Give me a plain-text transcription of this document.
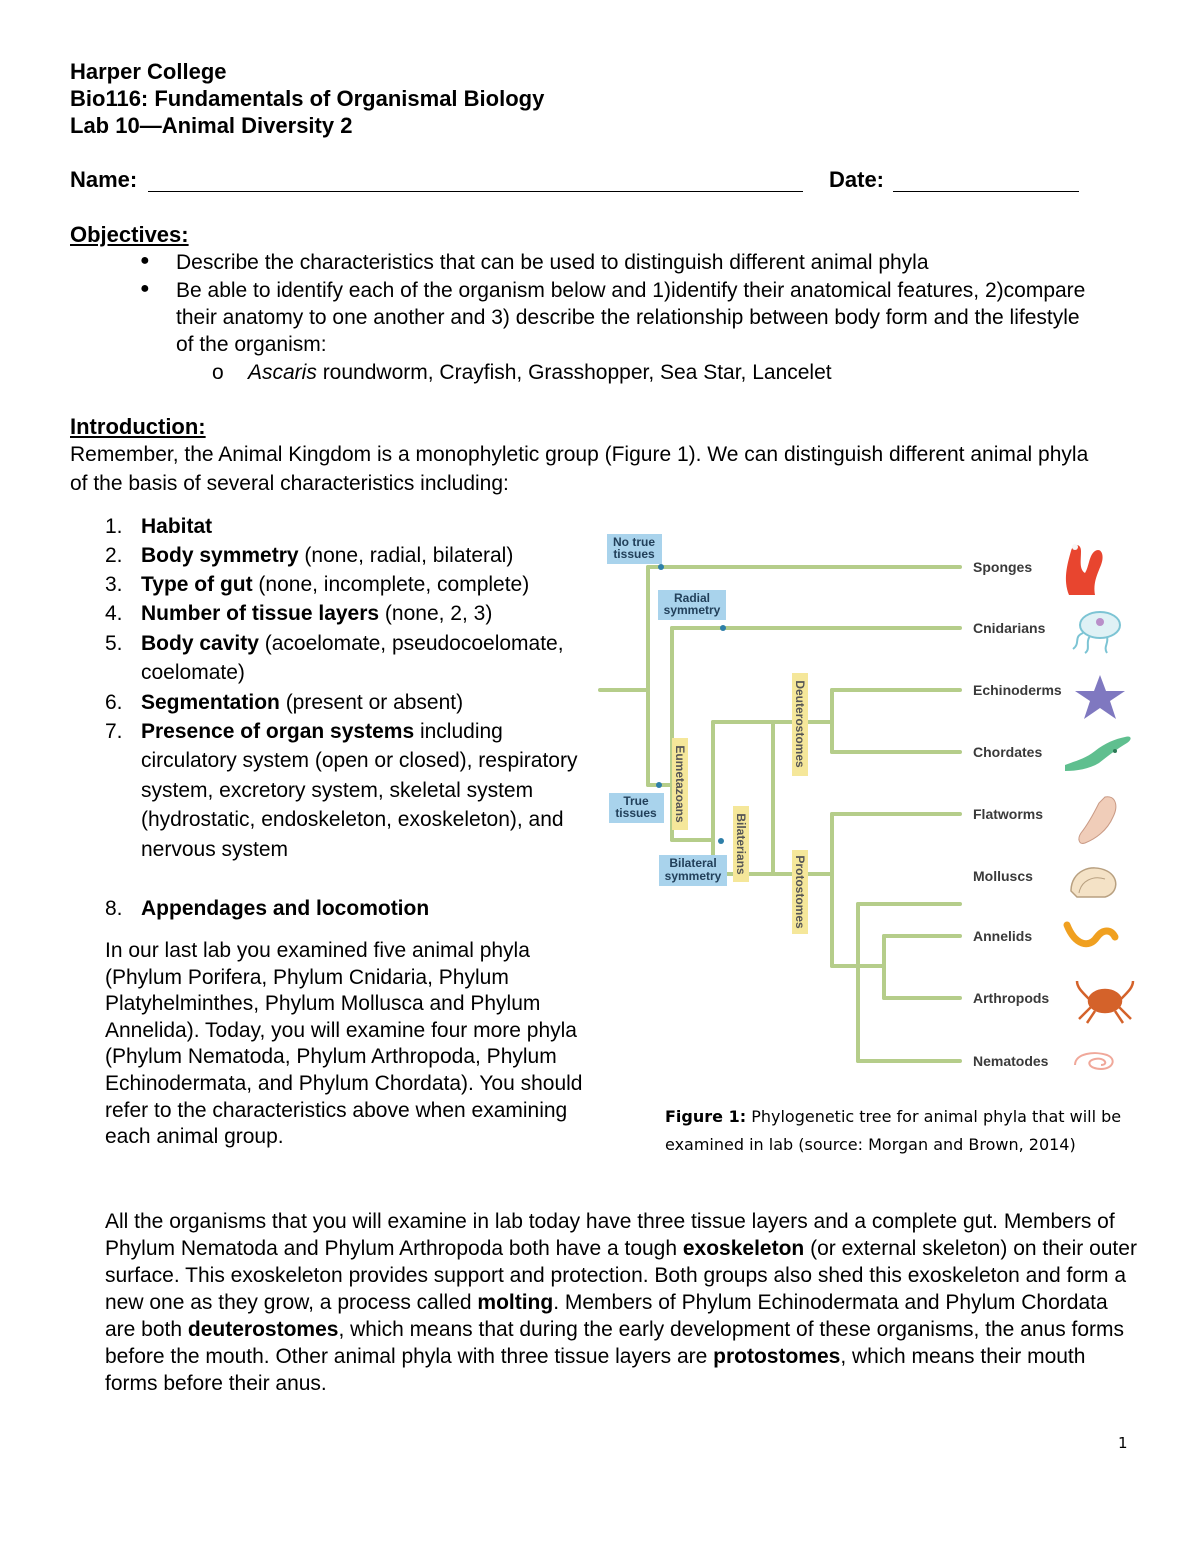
Harper College
Bio116: Fundamentals of Organismal Biology
Lab 10—Animal Diversity 2
Name:	Date:
Objectives:
● Describe the characteristics that can be used to distinguish different animal phyla
● Be able to identify each of the organism below and 1)identify their anatomical features, 2)compare their anatomy to one another and 3) describe the relationship between body form and the lifestyle of the organism:
o Ascaris roundworm, Crayfish, Grasshopper, Sea Star, Lancelet
Introduction:
Remember, the Animal Kingdom is a monophyletic group (Figure 1). We can distinguish different animal phyla of the basis of several characteristics including:
1. Habitat
2. Body symmetry (none, radial, bilateral)
3. Type of gut (none, incomplete, complete)
4. Number of tissue layers (none, 2, 3)
5. Body cavity (acoelomate, pseudocoelomate, coelomate)
6. Segmentation (present or absent)
7. Presence of organ systems including circulatory system (open or closed), respiratory system, excretory system, skeletal system (hydrostatic, endoskeleton, exoskeleton), and nervous system
8. Appendages and locomotion
In our last lab you examined five animal phyla (Phylum Porifera, Phylum Cnidaria, Phylum Platyhelminthes, Phylum Mollusca and Phylum Annelida). Today, you will examine four more phyla (Phylum Nematoda, Phylum Arthropoda, Phylum Echinodermata, and Phylum Chordata). You should refer to the characteristics above when examining each animal group.
No true
tissues
Radial
symmetry
True
tissues
Bilateral
symmetry
Eumetazoans
Bilaterians
Deuterostomes
Protostomes
Sponges
Cnidarians
Echinoderms
Chordates
Flatworms
Molluscs
Annelids
Arthropods
Nematodes
Figure 1: Phylogenetic tree for animal phyla that will be examined in lab (source: Morgan and Brown, 2014)
All the organisms that you will examine in lab today have three tissue layers and a complete gut. Members of Phylum Nematoda and Phylum Arthropoda both have a tough exoskeleton (or external skeleton) on their outer surface. This exoskeleton provides support and protection. Both groups also shed this exoskeleton and form a new one as they grow, a process called molting. Members of Phylum Echinodermata and Phylum Chordata are both deuterostomes, which means that during the early development of these organisms, the anus forms before the mouth. Other animal phyla with three tissue layers are protostomes, which means their mouth forms before their anus.
1
